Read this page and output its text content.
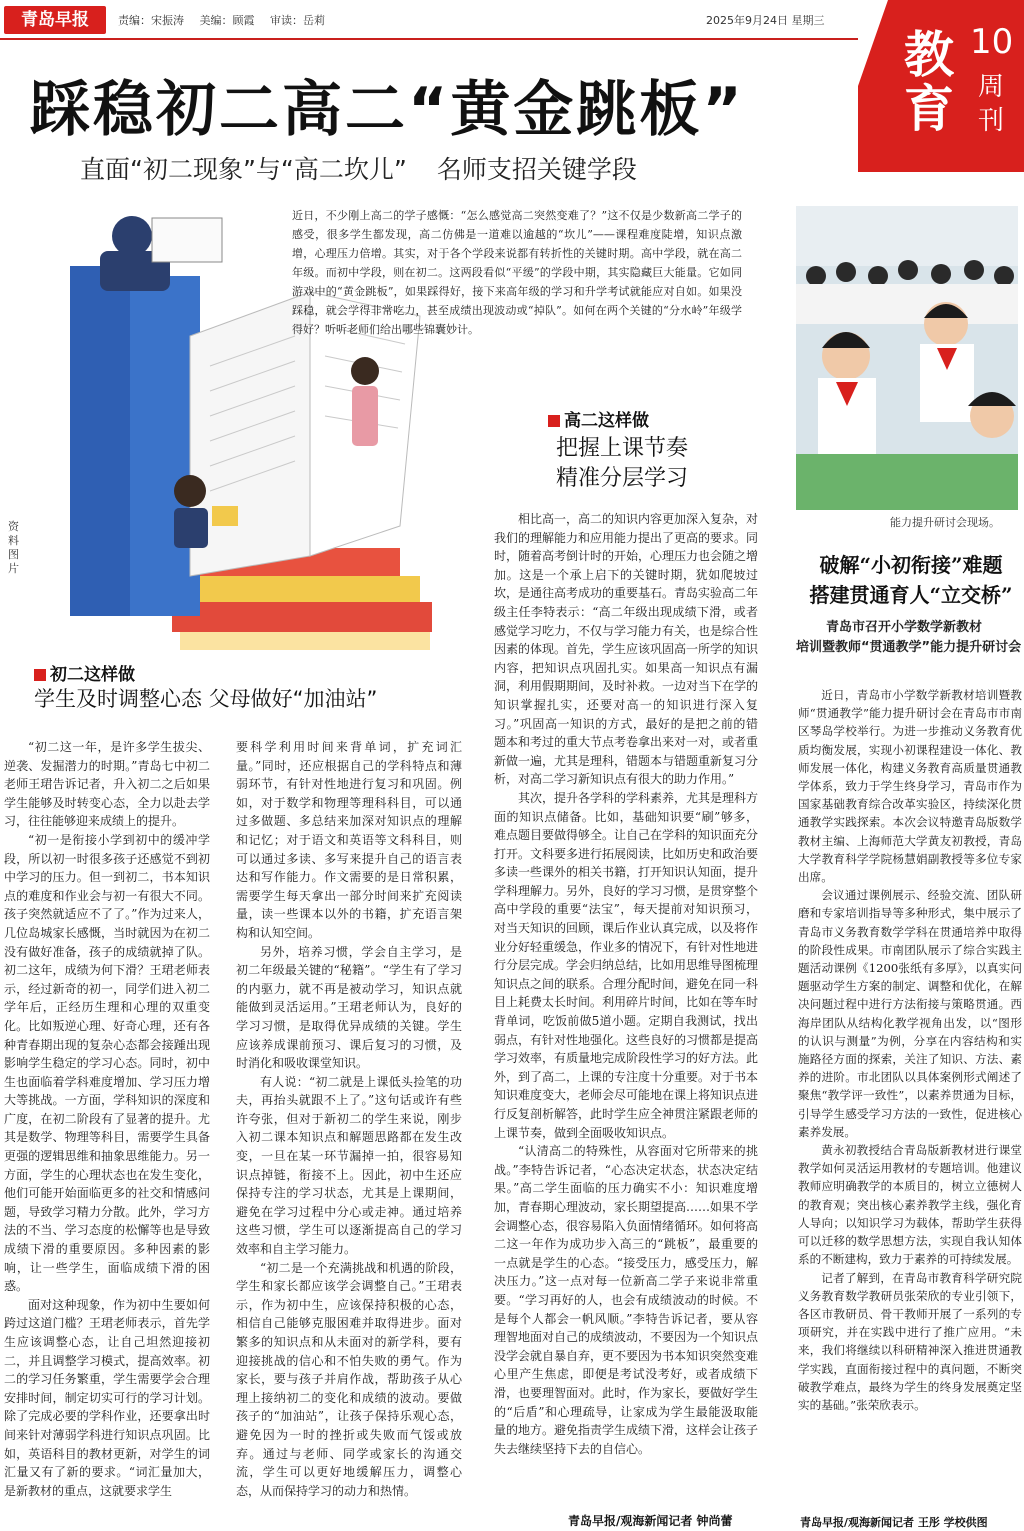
青岛早报	责编：宋振涛 美编：顾霞 审读：岳莉	2025年9月24日 星期三
教育
10
周刊
踩稳初二高二“黄金跳板”
直面“初二现象”与“高二坎儿” 名师支招关键学段
资料图片
近日，不少刚上高二的学子感慨：“怎么感觉高二突然变难了？”这不仅是少数新高二学子的感受，很多学生都发现，高二仿佛是一道难以逾越的“坎儿”——课程难度陡增，知识点激增，心理压力倍增。其实，对于各个学段来说都有转折性的关键时期。高中学段，就在高二年级。而初中学段，则在初二。这两段看似“平缓”的学段中期，其实隐藏巨大能量。它如同游戏中的“黄金跳板”，如果踩得好，接下来高年级的学习和升学考试就能应对自如。如果没踩稳，就会学得非常吃力，甚至成绩出现波动或“掉队”。如何在两个关键的“分水岭”年级学得好？听听老师们给出哪些锦囊妙计。
高二这样做
把握上课节奏
精准分层学习
初二这样做
学生及时调整心态 父母做好“加油站”

“初二这一年，是许多学生拔尖、逆袭、发掘潜力的时期。”青岛七中初二老师王珺告诉记者，升入初二之后如果学生能够及时转变心态，全力以赴去学习，往往能够迎来成绩上的提升。

“初一是衔接小学到初中的缓冲学段，所以初一时很多孩子还感觉不到初中学习的压力。但一到初二，书本知识点的难度和作业会与初一有很大不同。孩子突然就适应不了了。”作为过来人，几位岛城家长感慨，当时就因为在初二没有做好准备，孩子的成绩就掉了队。初二这年，成绩为何下滑？王珺老师表示，经过新奇的初一，同学们进入初二学年后，正经历生理和心理的双重变化。比如叛逆心理、好奇心理，还有各种青春期出现的复杂心态都会接踵出现影响学生稳定的学习心态。同时，初中生也面临着学科难度增加、学习压力增大等挑战。一方面，学科知识的深度和广度，在初二阶段有了显著的提升。尤其是数学、物理等科目，需要学生具备更强的逻辑思维和抽象思维能力。另一方面，学生的心理状态也在发生变化，他们可能开始面临更多的社交和情感问题，导致学习精力分散。此外，学习方法的不当、学习态度的松懈等也是导致成绩下滑的重要原因。多种因素的影响，让一些学生，面临成绩下滑的困惑。

面对这种现象，作为初中生要如何跨过这道门槛？王珺老师表示，首先学生应该调整心态，让自己坦然迎接初二，并且调整学习模式，提高效率。初二的学习任务繁重，学生需要学会合理安排时间，制定切实可行的学习计划。除了完成必要的学科作业，还要拿出时间来针对薄弱学科进行知识点巩固。比如，英语科目的教材更新，对学生的词汇量又有了新的要求。“词汇量加大，是新教材的重点，这就要求学生

要科学利用时间来背单词，扩充词汇量。”同时，还应根据自己的学科特点和薄弱环节，有针对性地进行复习和巩固。例如，对于数学和物理等理科科目，可以通过多做题、多总结来加深对知识点的理解和记忆；对于语文和英语等文科科目，则可以通过多读、多写来提升自己的语言表达和写作能力。作文需要的是日常积累，需要学生每天拿出一部分时间来扩充阅读量，读一些课本以外的书籍，扩充语言架构和认知空间。

另外，培养习惯，学会自主学习，是初二年级最关键的“秘籍”。“学生有了学习的内驱力，就不再是被动学习，知识点就能做到灵活运用。”王珺老师认为，良好的学习习惯，是取得优异成绩的关键。学生应该养成课前预习、课后复习的习惯，及时消化和吸收课堂知识。

有人说：“初二就是上课低头捡笔的功夫，再抬头就跟不上了。”这句话或许有些许夸张，但对于新初二的学生来说，刚步入初二课本知识点和解题思路都在发生改变，一旦在某一环节漏掉一拍，很容易知识点掉链，衔接不上。因此，初中生还应保持专注的学习状态，尤其是上课期间，避免在学习过程中分心或走神。通过培养这些习惯，学生可以逐渐提高自己的学习效率和自主学习能力。

“初二是一个充满挑战和机遇的阶段，学生和家长都应该学会调整自己。”王珺表示，作为初中生，应该保持积极的心态，相信自己能够克服困难并取得进步。面对繁多的知识点和从未面对的新学科，要有迎接挑战的信心和不怕失败的勇气。作为家长，要与孩子并肩作战，帮助孩子从心理上接纳初二的变化和成绩的波动。要做孩子的“加油站”，让孩子保持乐观心态，避免因为一时的挫折或失败而气馁或放弃。通过与老师、同学或家长的沟通交流，学生可以更好地缓解压力，调整心态，从而保持学习的动力和热情。

相比高一，高二的知识内容更加深入复杂，对我们的理解能力和应用能力提出了更高的要求。同时，随着高考倒计时的开始，心理压力也会随之增加。这是一个承上启下的关键时期，犹如爬坡过坎，是通往高考成功的重要基石。青岛实验高二年级主任李特表示：“高二年级出现成绩下滑，或者感觉学习吃力，不仅与学习能力有关，也是综合性因素的体现。首先，学生应该巩固高一所学的知识内容，把知识点巩固扎实。如果高一知识点有漏洞，利用假期期间，及时补救。一边对当下在学的知识掌握扎实，还要对高一的知识进行深入复习。”巩固高一知识的方式，最好的是把之前的错题本和考过的重大节点考卷拿出来对一对，或者重新做一遍，尤其是理科，错题本与错题重新复习分析，对高二学习新知识点有很大的助力作用。”

其次，提升各学科的学科素养，尤其是理科方面的知识点储备。比如，基础知识要“刷”够多，难点题目要做得够全。让自己在学科的知识面充分打开。文科要多进行拓展阅读，比如历史和政治要多读一些课外的相关书籍，打开知识认知面，提升学科理解力。另外，良好的学习习惯，是贯穿整个高中学段的重要“法宝”，每天提前对知识预习，对当天知识的回顾，课后作业认真完成，以及将作业分好轻重缓急，作业多的情况下，有针对性地进行分层完成。学会归纳总结，比如用思维导图梳理知识点之间的联系。合理分配时间，避免在同一科目上耗费太长时间。利用碎片时间，比如在等车时背单词，吃饭前做5道小题。定期自我测试，找出弱点，有针对性地强化。这些良好的习惯都是提高学习效率，有质量地完成阶段性学习的好方法。此外，到了高二，上课的专注度十分重要。对于书本知识难度变大，老师会尽可能地在课上将知识点进行反复剖析解答，此时学生应全神贯注紧跟老师的上课节奏，做到全面吸收知识点。

“认清高二的特殊性，从容面对它所带来的挑战。”李特告诉记者，“心态决定状态，状态决定结果。”高二学生面临的压力确实不小：知识难度增加，青春期心理波动，家长期望提高……如果不学会调整心态，很容易陷入负面情绪循环。如何将高二这一年作为成功步入高三的“跳板”，最重要的一点就是学生的心态。“接受压力，感受压力，解决压力。”这一点对每一位新高二学子来说非常重要。“学习再好的人，也会有成绩波动的时候。不是每个人都会一帆风顺。”李特告诉记者，要从容理智地面对自己的成绩波动，不要因为一个知识点没学会就自暴自弃，更不要因为书本知识突然变难心里产生焦虑，即便是考试没考好，或者成绩下滑，也要理智面对。此时，作为家长，要做好学生的“后盾”和心理疏导，让家成为学生最能汲取能量的地方。避免指责学生成绩下滑，这样会让孩子失去继续坚持下去的自信心。

青岛早报/观海新闻记者 钟尚蕾
能力提升研讨会现场。
破解“小初衔接”难题
搭建贯通育人“立交桥”
青岛市召开小学数学新教材
培训暨教师“贯通教学”能力提升研讨会

近日，青岛市小学数学新教材培训暨教师“贯通教学”能力提升研讨会在青岛市市南区琴岛学校举行。为进一步推动义务教育优质均衡发展，实现小初课程建设一体化、教师发展一体化，构建义务教育高质量贯通教学体系，致力于学生终身学习，青岛市作为国家基础教育综合改革实验区，持续深化贯通教学实践探索。本次会议特邀青岛版数学教材主编、上海师范大学黄友初教授，青岛大学教育科学学院杨慧娟副教授等多位专家出席。

会议通过课例展示、经验交流、团队研磨和专家培训指导等多种形式，集中展示了青岛市义务教育数学学科在贯通培养中取得的阶段性成果。市南团队展示了综合实践主题活动课例《1200张纸有多厚》，以真实问题驱动学生方案的制定、调整和优化，在解决问题过程中进行方法衔接与策略贯通。西海岸团队从结构化教学视角出发，以“图形的认识与测量”为例，分享在内容结构和实施路径方面的探索，关注了知识、方法、素养的进阶。市北团队以具体案例形式阐述了聚焦“教学评一致性”，以素养贯通为目标，引导学生感受学习方法的一致性，促进核心素养发展。

黄永初教授结合青岛版新教材进行课堂教学如何灵活运用教材的专题培训。他建议教师应明确教学的本质目的，树立立德树人的教育观；突出核心素养教学主线，强化育人导向；以知识学习为载体，帮助学生获得可以迁移的数学思想方法，实现自我认知体系的不断建构，致力于素养的可持续发展。

记者了解到，在青岛市教育科学研究院义务教育数学教研员张荣欣的专业引领下，各区市教研员、骨干教师开展了一系列的专项研究，并在实践中进行了推广应用。“未来，我们将继续以科研精神深入推进贯通教学实践，直面衔接过程中的真问题，不断突破教学难点，最终为学生的终身发展奠定坚实的基础。”张荣欣表示。

青岛早报/观海新闻记者 王彤 学校供图
